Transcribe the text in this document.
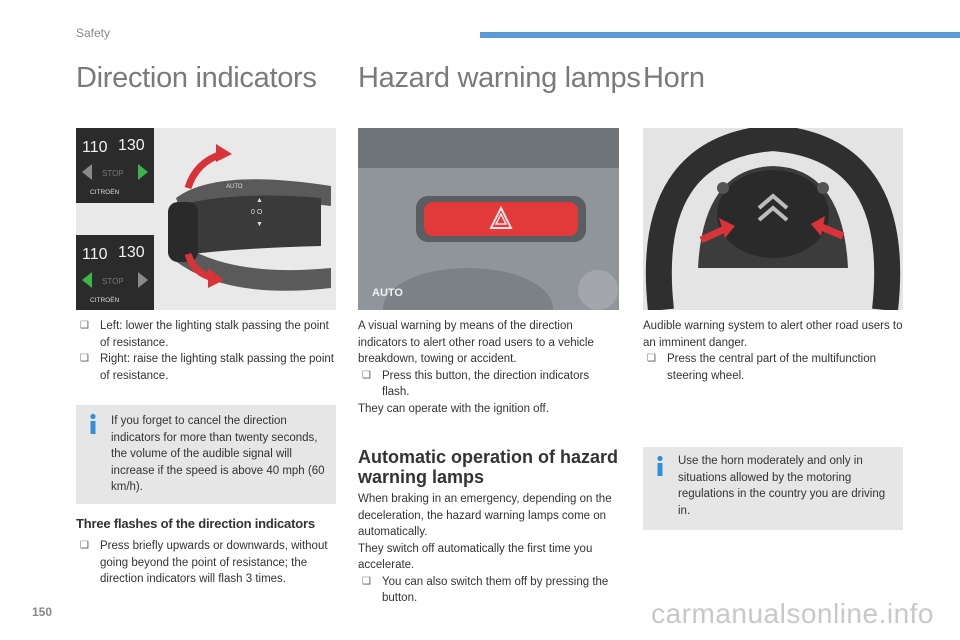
Safety
Direction indicators Hazard warning lamps Horn
110 130
STOP
CITROËN
110 130
STOP
CITROËN
AUTO
▲
0 O
▼
AUTO
❑ Left: lower the lighting stalk passing the point of resistance.
❑ Right: raise the lighting stalk passing the point of resistance.
If you forget to cancel the direction indicators for more than twenty seconds, the volume of the audible signal will increase if the speed is above 40 mph (60 km/h).
Three flashes of the direction indicators
❑ Press briefly upwards or downwards, without going beyond the point of resistance; the direction indicators will flash 3 times.

A visual warning by means of the direction indicators to alert other road users to a vehicle breakdown, towing or accident.

❑ Press this button, the direction indicators flash.

They can operate with the ignition off.

Automatic operation of hazard warning lamps

When braking in an emergency, depending on the deceleration, the hazard warning lamps come on automatically.

They switch off automatically the first time you accelerate.

❑ You can also switch them off by pressing the button.

Audible warning system to alert other road users to an imminent danger.

❑ Press the central part of the multifunction steering wheel.
Use the horn moderately and only in situations allowed by the motoring regulations in the country you are driving in.
150	carmanualsonline.info
